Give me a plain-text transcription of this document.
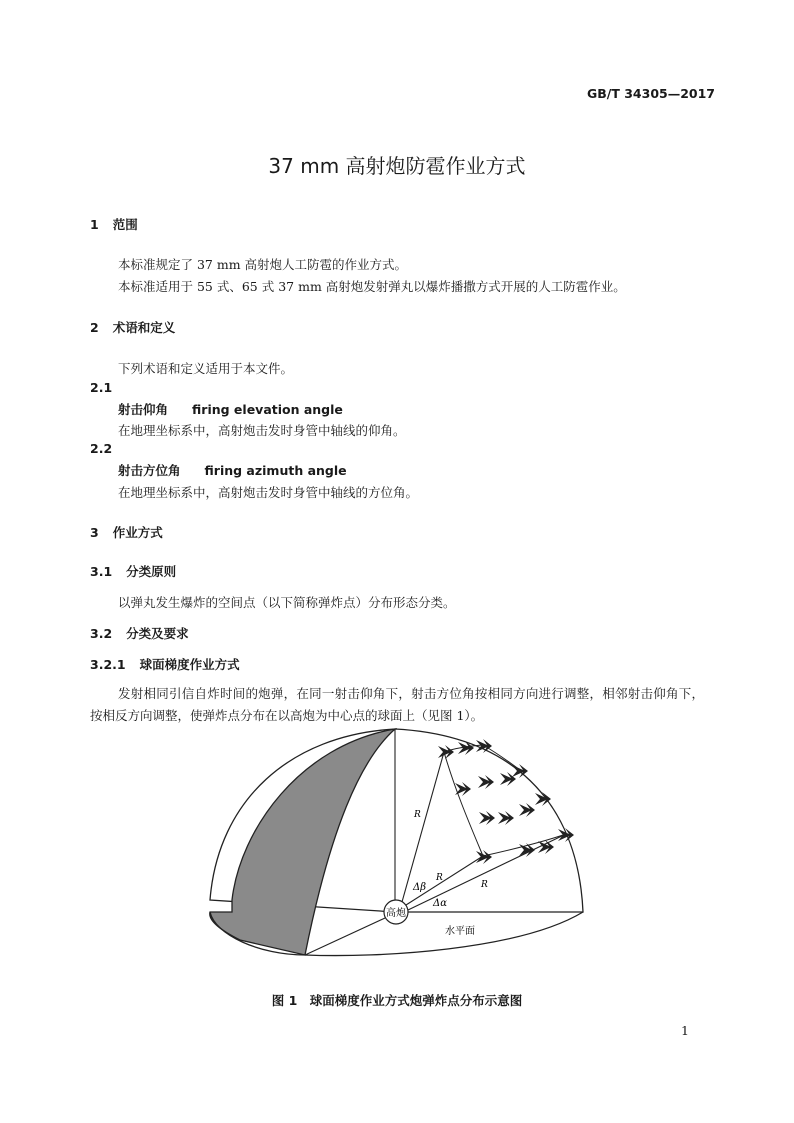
GB/T 34305—2017
37 mm 高射炮防雹作业方式
1 范围
本标准规定了 37 mm 高射炮人工防雹的作业方式。
本标准适用于 55 式、65 式 37 mm 高射炮发射弹丸以爆炸播撒方式开展的人工防雹作业。
2 术语和定义
下列术语和定义适用于本文件。
2.1
射击仰角 firing elevation angle
在地理坐标系中，高射炮击发时身管中轴线的仰角。
2.2
射击方位角 firing azimuth angle
在地理坐标系中，高射炮击发时身管中轴线的方位角。
3 作业方式
3.1 分类原则
以弹丸发生爆炸的空间点（以下简称弹炸点）分布形态分类。
3.2 分类及要求
3.2.1 球面梯度作业方式
发射相同引信自炸时间的炮弹，在同一射击仰角下，射击方位角按相同方向进行调整，相邻射击仰角下，按相反方向调整，使弹炸点分布在以高炮为中心点的球面上（见图 1）。
高炮
R
R
R
Δβ
Δα
水平面
图 1　球面梯度作业方式炮弹炸点分布示意图
1
